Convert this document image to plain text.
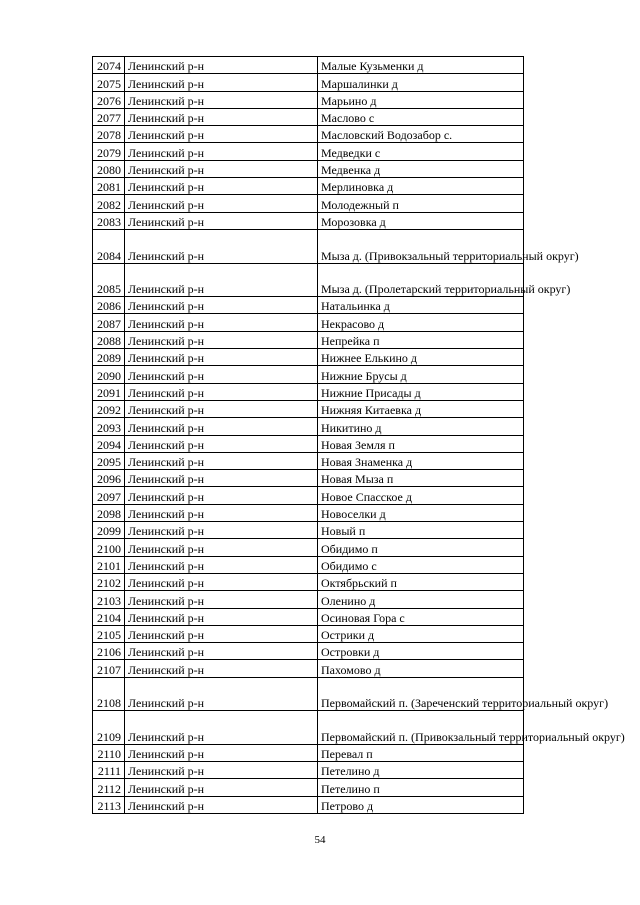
2074	Ленинский р-н	Малые Кузьменки д
2075	Ленинский р-н	Маршалинки д
2076	Ленинский р-н	Марьино д
2077	Ленинский р-н	Маслово с
2078	Ленинский р-н	Масловский Водозабор с.
2079	Ленинский р-н	Медведки с
2080	Ленинский р-н	Медвенка д
2081	Ленинский р-н	Мерлиновка д
2082	Ленинский р-н	Молодежный п
2083	Ленинский р-н	Морозовка д
2084	Ленинский р-н	Мыза д. (Привокзальный территориальный округ)
2085	Ленинский р-н	Мыза д. (Пролетарский территориальный округ)
2086	Ленинский р-н	Натальинка д
2087	Ленинский р-н	Некрасово д
2088	Ленинский р-н	Непрейка п
2089	Ленинский р-н	Нижнее Елькино д
2090	Ленинский р-н	Нижние Брусы д
2091	Ленинский р-н	Нижние Присады д
2092	Ленинский р-н	Нижняя Китаевка д
2093	Ленинский р-н	Никитино д
2094	Ленинский р-н	Новая Земля п
2095	Ленинский р-н	Новая Знаменка д
2096	Ленинский р-н	Новая Мыза п
2097	Ленинский р-н	Новое Спасское д
2098	Ленинский р-н	Новоселки д
2099	Ленинский р-н	Новый п
2100	Ленинский р-н	Обидимо п
2101	Ленинский р-н	Обидимо с
2102	Ленинский р-н	Октябрьский п
2103	Ленинский р-н	Оленино д
2104	Ленинский р-н	Осиновая Гора с
2105	Ленинский р-н	Острики д
2106	Ленинский р-н	Островки д
2107	Ленинский р-н	Пахомово д
2108	Ленинский р-н	Первомайский п. (Зареченский территориальный округ)
2109	Ленинский р-н	Первомайский п. (Привокзальный территориальный округ)
2110	Ленинский р-н	Перевал п
2111	Ленинский р-н	Петелино д
2112	Ленинский р-н	Петелино п
2113	Ленинский р-н	Петрово д
54
